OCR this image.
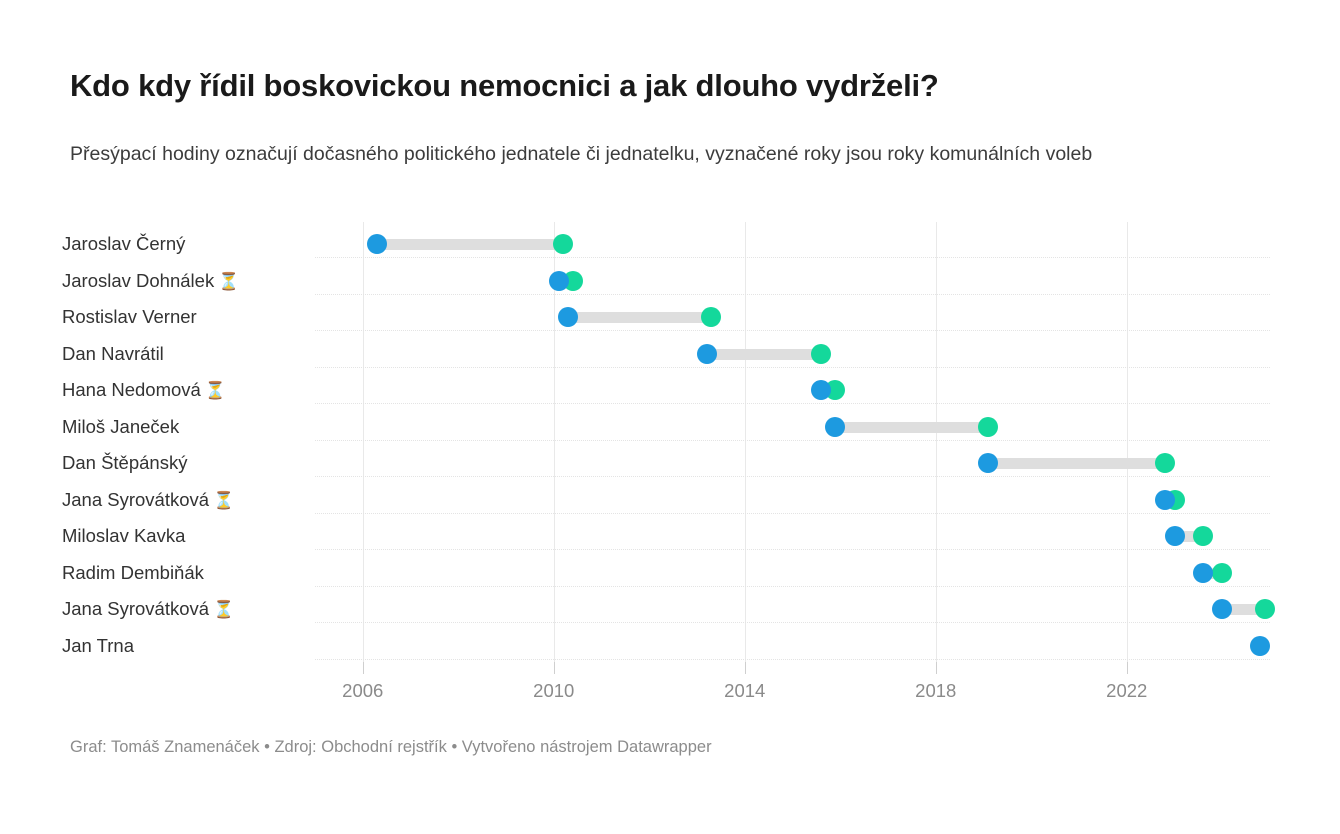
Kdo kdy řídil boskovickou nemocnici a jak dlouho vydrželi?
Přesýpací hodiny označují dočasného politického jednatele či jednatelku, vyznačené roky jsou roky komunálních voleb
Jaroslav Černý
Jaroslav Dohnálek ⏳
Rostislav Verner
Dan Navrátil
Hana Nedomová ⏳
Miloš Janeček
Dan Štěpánský
Jana Syrovátková ⏳
Miloslav Kavka
Radim Dembiňák
Jana Syrovátková ⏳
Jan Trna
2006	2010	2014	2018	2022
Graf: Tomáš Znamenáček • Zdroj: Obchodní rejstřík • Vytvořeno nástrojem Datawrapper
